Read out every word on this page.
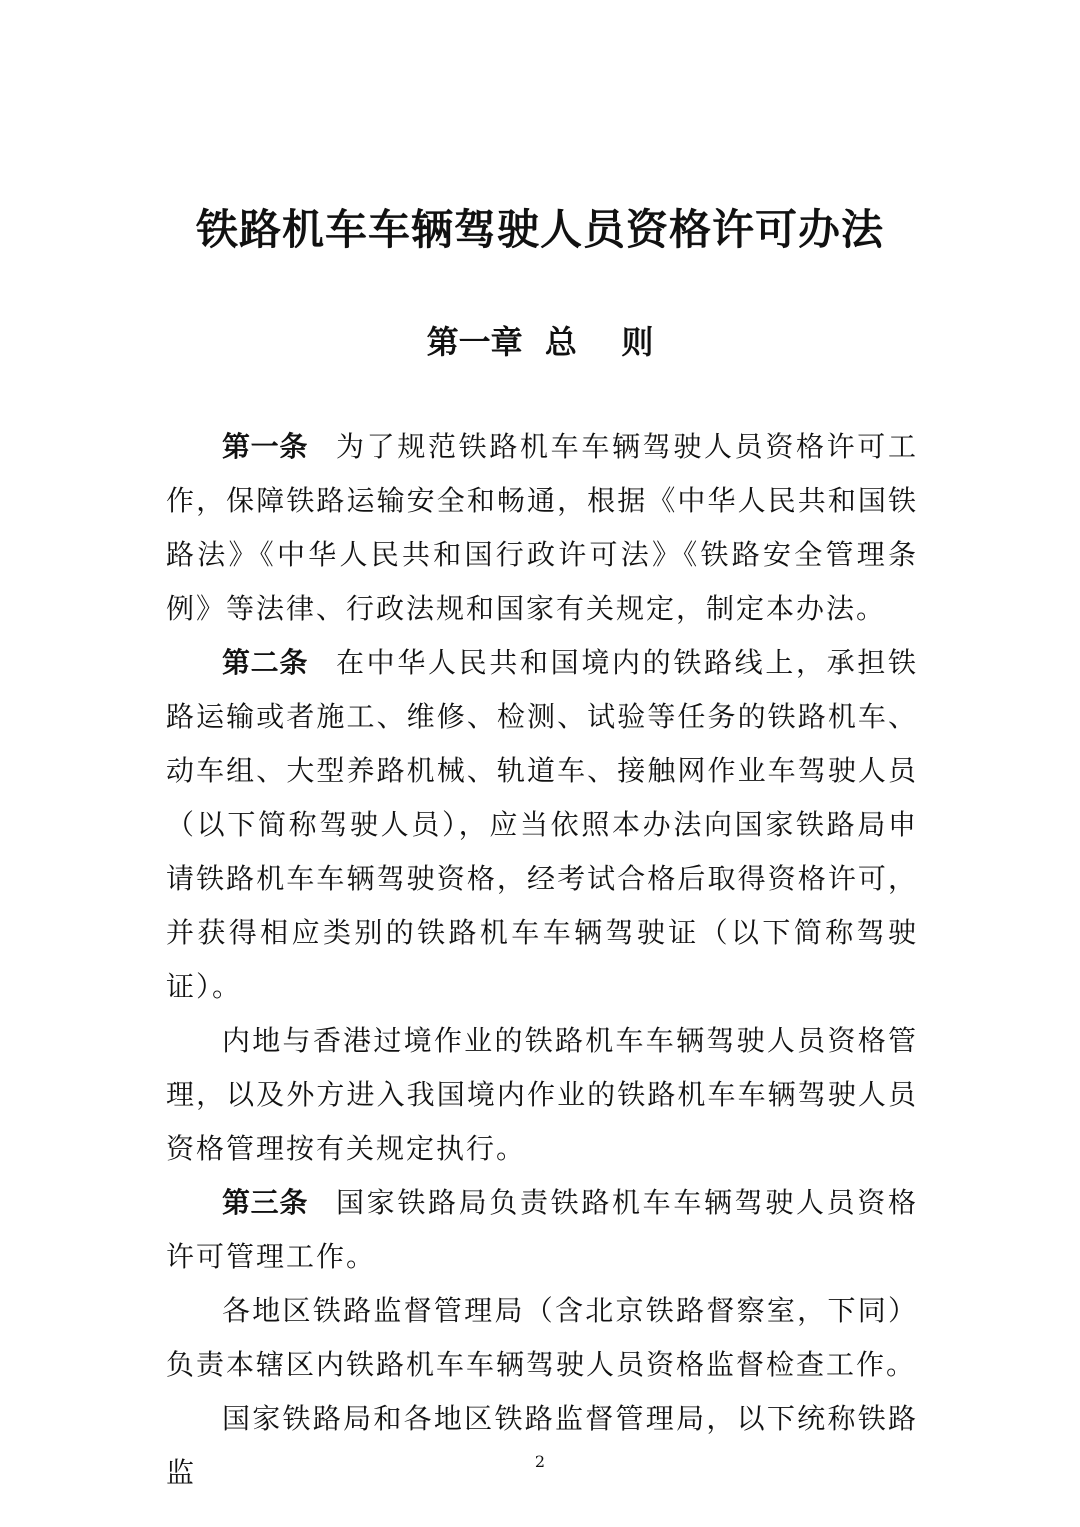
铁路机车车辆驾驶人员资格许可办法
第一章  总    则

第一条 为了规范铁路机车车辆驾驶人员资格许可工作，保障铁路运输安全和畅通，根据《中华人民共和国铁路法》《中华人民共和国行政许可法》《铁路安全管理条例》等法律、行政法规和国家有关规定，制定本办法。

第二条 在中华人民共和国境内的铁路线上，承担铁路运输或者施工、维修、检测、试验等任务的铁路机车、动车组、大型养路机械、轨道车、接触网作业车驾驶人员（以下简称驾驶人员），应当依照本办法向国家铁路局申请铁路机车车辆驾驶资格，经考试合格后取得资格许可，并获得相应类别的铁路机车车辆驾驶证（以下简称驾驶证）。

内地与香港过境作业的铁路机车车辆驾驶人员资格管理，以及外方进入我国境内作业的铁路机车车辆驾驶人员资格管理按有关规定执行。

第三条 国家铁路局负责铁路机车车辆驾驶人员资格许可管理工作。

各地区铁路监督管理局（含北京铁路督察室，下同）负责本辖区内铁路机车车辆驾驶人员资格监督检查工作。

国家铁路局和各地区铁路监督管理局，以下统称铁路监	2
